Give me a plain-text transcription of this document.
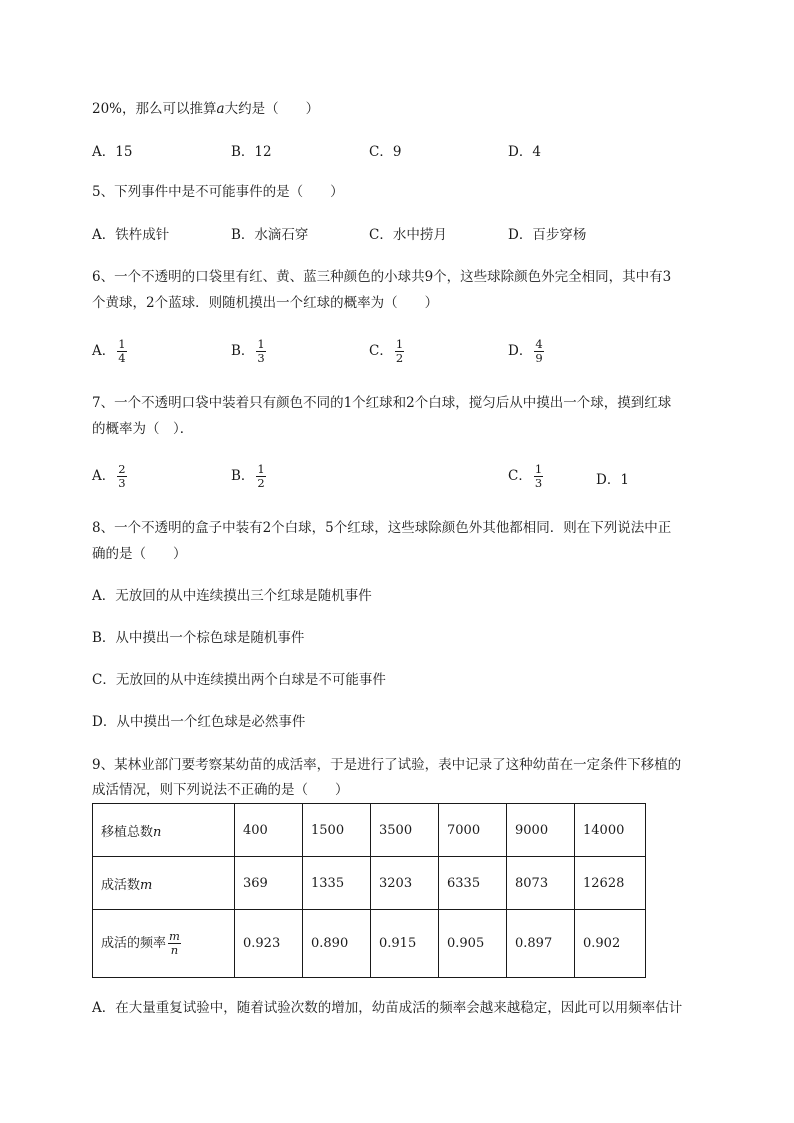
20%，那么可以推算a大约是（　　）
A．15	B．12	C．9	D．4
5、下列事件中是不可能事件的是（　　）
A．铁杵成针	B．水滴石穿	C．水中捞月	D．百步穿杨
6、一个不透明的口袋里有红、黄、蓝三种颜色的小球共9个，这些球除颜色外完全相同，其中有3
个黄球，2个蓝球．则随机摸出一个红球的概率为（　　）
A． $\frac{1}{4}$	B． $\frac{1}{3}$	C． $\frac{1}{2}$	D． $\frac{4}{9}$
7、一个不透明口袋中装着只有颜色不同的1个红球和2个白球，搅匀后从中摸出一个球，摸到红球
的概率为（　）．
A． $\frac{2}{3}$	B． $\frac{1}{2}$	C． $\frac{1}{3}$	D．1
8、一个不透明的盒子中装有2个白球，5个红球，这些球除颜色外其他都相同．则在下列说法中正
确的是（　　）
A．无放回的从中连续摸出三个红球是随机事件
B．从中摸出一个棕色球是随机事件
C．无放回的从中连续摸出两个白球是不可能事件
D．从中摸出一个红色球是必然事件
9、某林业部门要考察某幼苗的成活率，于是进行了试验，表中记录了这种幼苗在一定条件下移植的
成活情况，则下列说法不正确的是（　　）
移植总数n	400	1500	3500	7000	9000	14000
成活数m	369	1335	3203	6335	8073	12628
成活的频率 $\frac{m}{n}$	0.923	0.890	0.915	0.905	0.897	0.902
A．在大量重复试验中，随着试验次数的增加，幼苗成活的频率会越来越稳定，因此可以用频率估计
